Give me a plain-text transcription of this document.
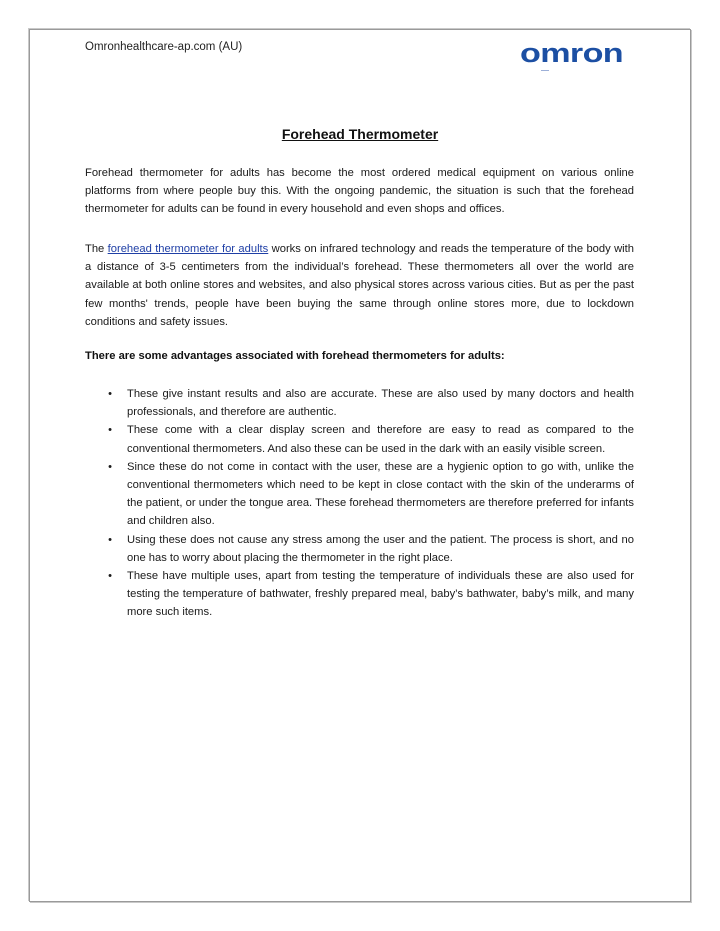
Omronhealthcare-ap.com (AU)	omron
Forehead Thermometer

Forehead thermometer for adults has become the most ordered medical equipment on various online platforms from where people buy this. With the ongoing pandemic, the situation is such that the forehead thermometer for adults can be found in every household and even shops and offices.

The forehead thermometer for adults works on infrared technology and reads the temperature of the body with a distance of 3-5 centimeters from the individual’s forehead. These thermometers all over the world are available at both online stores and websites, and also physical stores across various cities. But as per the past few months' trends, people have been buying the same through online stores more, due to lockdown conditions and safety issues.

There are some advantages associated with forehead thermometers for adults:
•	These give instant results and also are accurate. These are also used by many doctors and health professionals, and therefore are authentic.
•	These come with a clear display screen and therefore are easy to read as compared to the conventional thermometers. And also these can be used in the dark with an easily visible screen.
•	Since these do not come in contact with the user, these are a hygienic option to go with, unlike the conventional thermometers which need to be kept in close contact with the skin of the underarms of the patient, or under the tongue area. These forehead thermometers are therefore preferred for infants and children also.
•	Using these does not cause any stress among the user and the patient. The process is short, and no one has to worry about placing the thermometer in the right place.
•	These have multiple uses, apart from testing the temperature of individuals these are also used for testing the temperature of bathwater, freshly prepared meal, baby’s bathwater, baby’s milk, and many more such items.
